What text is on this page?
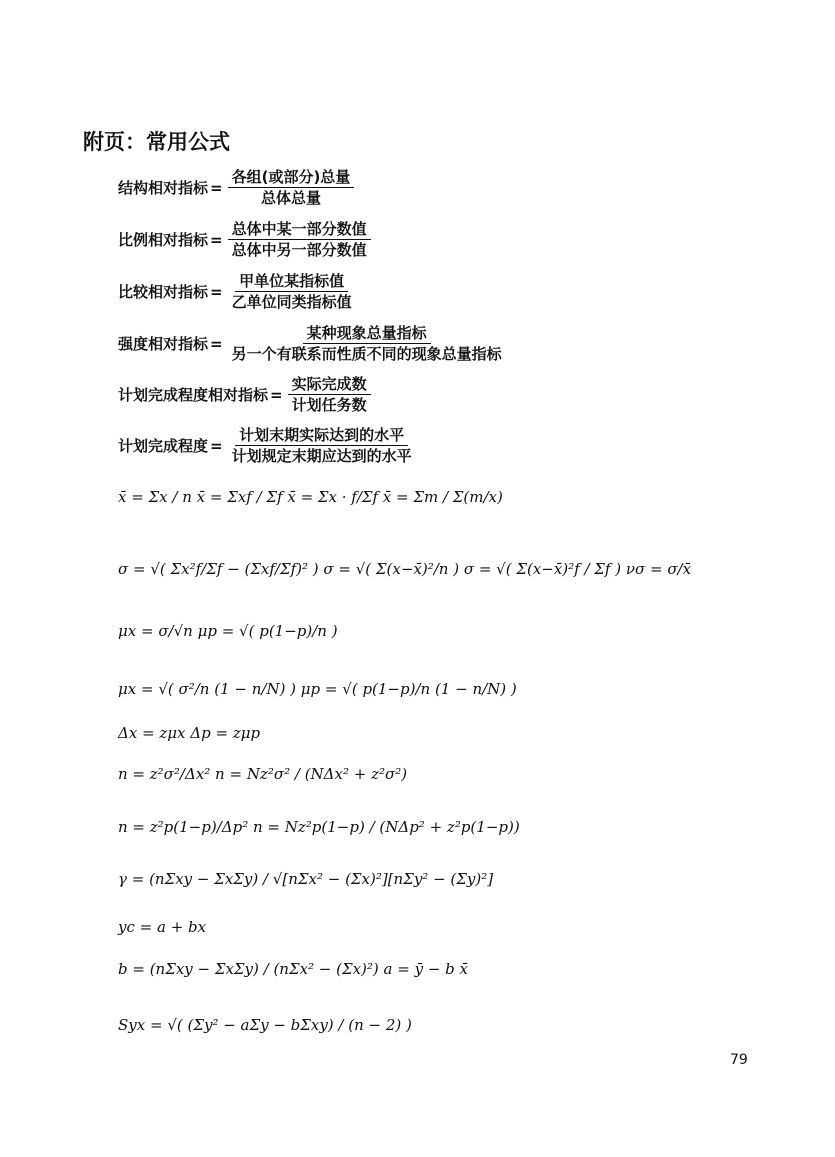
附页：常用公式
结构相对指标 = $\frac{\text{各组(或部分)总量}}{\text{总体总量}}$
比例相对指标 = $\frac{\text{总体中某一部分数值}}{\text{总体中另一部分数值}}$
比较相对指标 = $\frac{\text{甲单位某指标值}}{\text{乙单位同类指标值}}$
强度相对指标 = $\frac{\text{某种现象总量指标}}{\text{另一个有联系而性质不同的现象总量指标}}$
计划完成程度相对指标 = $\frac{\text{实际完成数}}{\text{计划任务数}}$
计划完成程度 = $\frac{\text{计划末期实际达到的水平}}{\text{计划规定末期应达到的水平}}$
x̄ = Σx / n x̄ = Σxf / Σf x̄ = Σx · f/Σf x̄ = Σm / Σ(m/x)
σ = √( Σx²f/Σf − (Σxf/Σf)² ) σ = √( Σ(x−x̄)²/n ) σ = √( Σ(x−x̄)²f / Σf ) νσ = σ/x̄
μx = σ/√n μp = √( p(1−p)/n )
μx = √( σ²/n (1 − n/N) ) μp = √( p(1−p)/n (1 − n/N) )
Δx = zμx Δp = zμp
n = z²σ²/Δx² n = Nz²σ² / (NΔx² + z²σ²)
n = z²p(1−p)/Δp² n = Nz²p(1−p) / (NΔp² + z²p(1−p))
γ = (nΣxy − ΣxΣy) / √[nΣx² − (Σx)²][nΣy² − (Σy)²]
yc = a + bx
b = (nΣxy − ΣxΣy) / (nΣx² − (Σx)²) a = ȳ − b x̄
Syx = √( (Σy² − aΣy − bΣxy) / (n − 2) )
79
